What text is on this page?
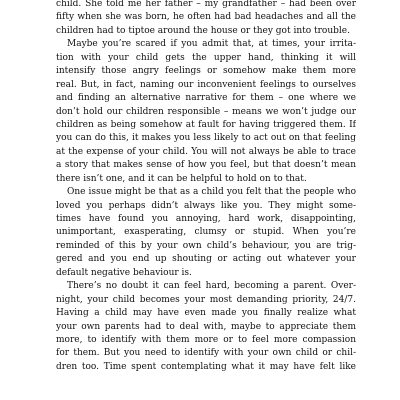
child. She told me her father – my grandfather – had been over
fifty when she was born, he often had bad headaches and all the
children had to tiptoe around the house or they got into trouble.
Maybe you’re scared if you admit that, at times, your irrita-
tion with your child gets the upper hand, thinking it will
intensify those angry feelings or somehow make them more
real. But, in fact, naming our inconvenient feelings to ourselves
and finding an alternative narrative for them – one where we
don’t hold our children responsible – means we won’t judge our
children as being somehow at fault for having triggered them. If
you can do this, it makes you less likely to act out on that feeling
at the expense of your child. You will not always be able to trace
a story that makes sense of how you feel, but that doesn’t mean
there isn’t one, and it can be helpful to hold on to that.
One issue might be that as a child you felt that the people who
loved you perhaps didn’t always like you. They might some-
times have found you annoying, hard work, disappointing,
unimportant, exasperating, clumsy or stupid. When you’re
reminded of this by your own child’s behaviour, you are trig-
gered and you end up shouting or acting out whatever your
default negative behaviour is.
There’s no doubt it can feel hard, becoming a parent. Over-
night, your child becomes your most demanding priority, 24/7.
Having a child may have even made you finally realize what
your own parents had to deal with, maybe to appreciate them
more, to identify with them more or to feel more compassion
for them. But you need to identify with your own child or chil-
dren too. Time spent contemplating what it may have felt like
